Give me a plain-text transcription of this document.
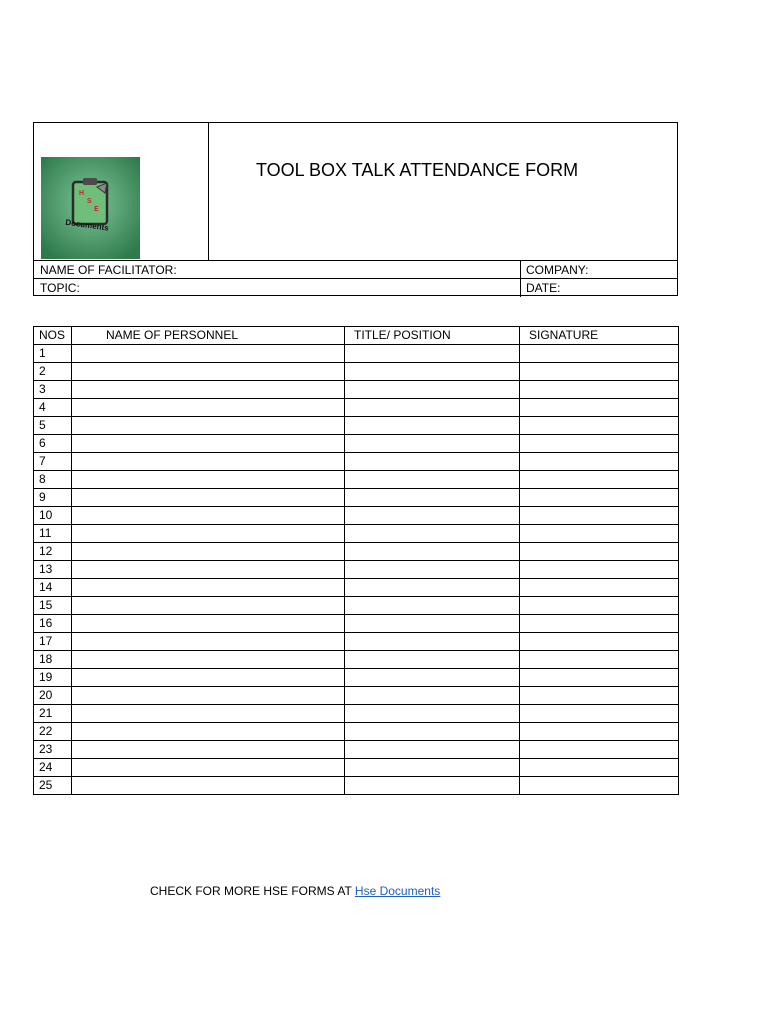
H
S
E
Documents
TOOL BOX TALK ATTENDANCE FORM
NAME OF FACILITATOR:	COMPANY:
TOPIC:	DATE:
NOS	NAME OF PERSONNEL	TITLE/ POSITION	SIGNATURE
1			
2			
3			
4			
5			
6			
7			
8			
9			
10			
11			
12			
13			
14			
15			
16			
17			
18			
19			
20			
21			
22			
23			
24			
25			
CHECK FOR MORE HSE FORMS AT Hse Documents
